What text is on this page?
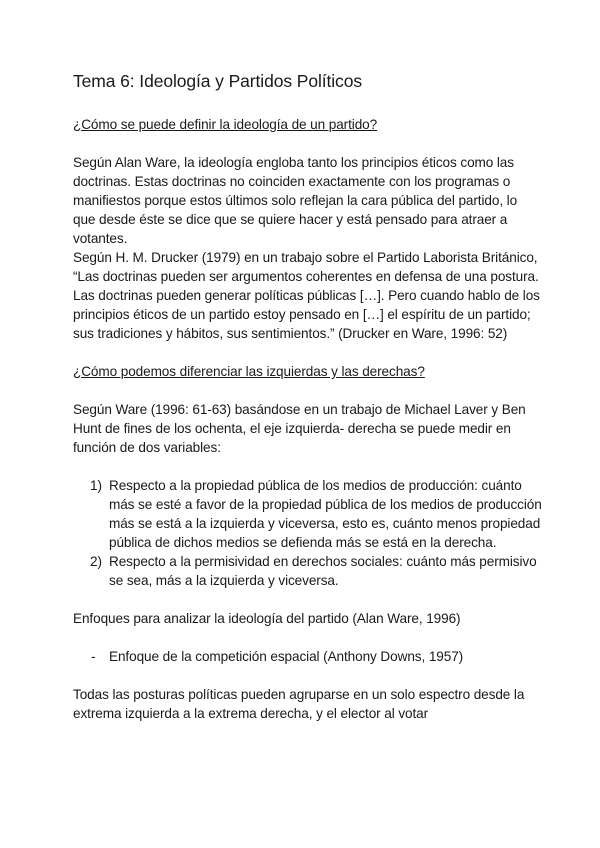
Tema 6: Ideología y Partidos Políticos

¿Cómo se puede definir la ideología de un partido?

Según Alan Ware, la ideología engloba tanto los principios éticos como las doctrinas. Estas doctrinas no coinciden exactamente con los programas o manifiestos porque estos últimos solo reflejan la cara pública del partido, lo que desde éste se dice que se quiere hacer y está pensado para atraer a votantes.

Según H. M. Drucker (1979) en un trabajo sobre el Partido Laborista Británico, “Las doctrinas pueden ser argumentos coherentes en defensa de una postura. Las doctrinas pueden generar políticas públicas […]. Pero cuando hablo de los principios éticos de un partido estoy pensado en […] el espíritu de un partido; sus tradiciones y hábitos, sus sentimientos.” (Drucker en Ware, 1996: 52)

¿Cómo podemos diferenciar las izquierdas y las derechas?

Según Ware (1996: 61-63) basándose en un trabajo de Michael Laver y Ben Hunt de fines de los ochenta, el eje izquierda- derecha se puede medir en función de dos variables:

1) Respecto a la propiedad pública de los medios de producción: cuánto más se esté a favor de la propiedad pública de los medios de producción más se está a la izquierda y viceversa, esto es, cuánto menos propiedad pública de dichos medios se defienda más se está en la derecha.
2) Respecto a la permisividad en derechos sociales: cuánto más permisivo se sea, más a la izquierda y viceversa.

Enfoques para analizar la ideología del partido (Alan Ware, 1996)

- Enfoque de la competición espacial (Anthony Downs, 1957)

Todas las posturas políticas pueden agruparse en un solo espectro desde la extrema izquierda a la extrema derecha, y el elector al votar
